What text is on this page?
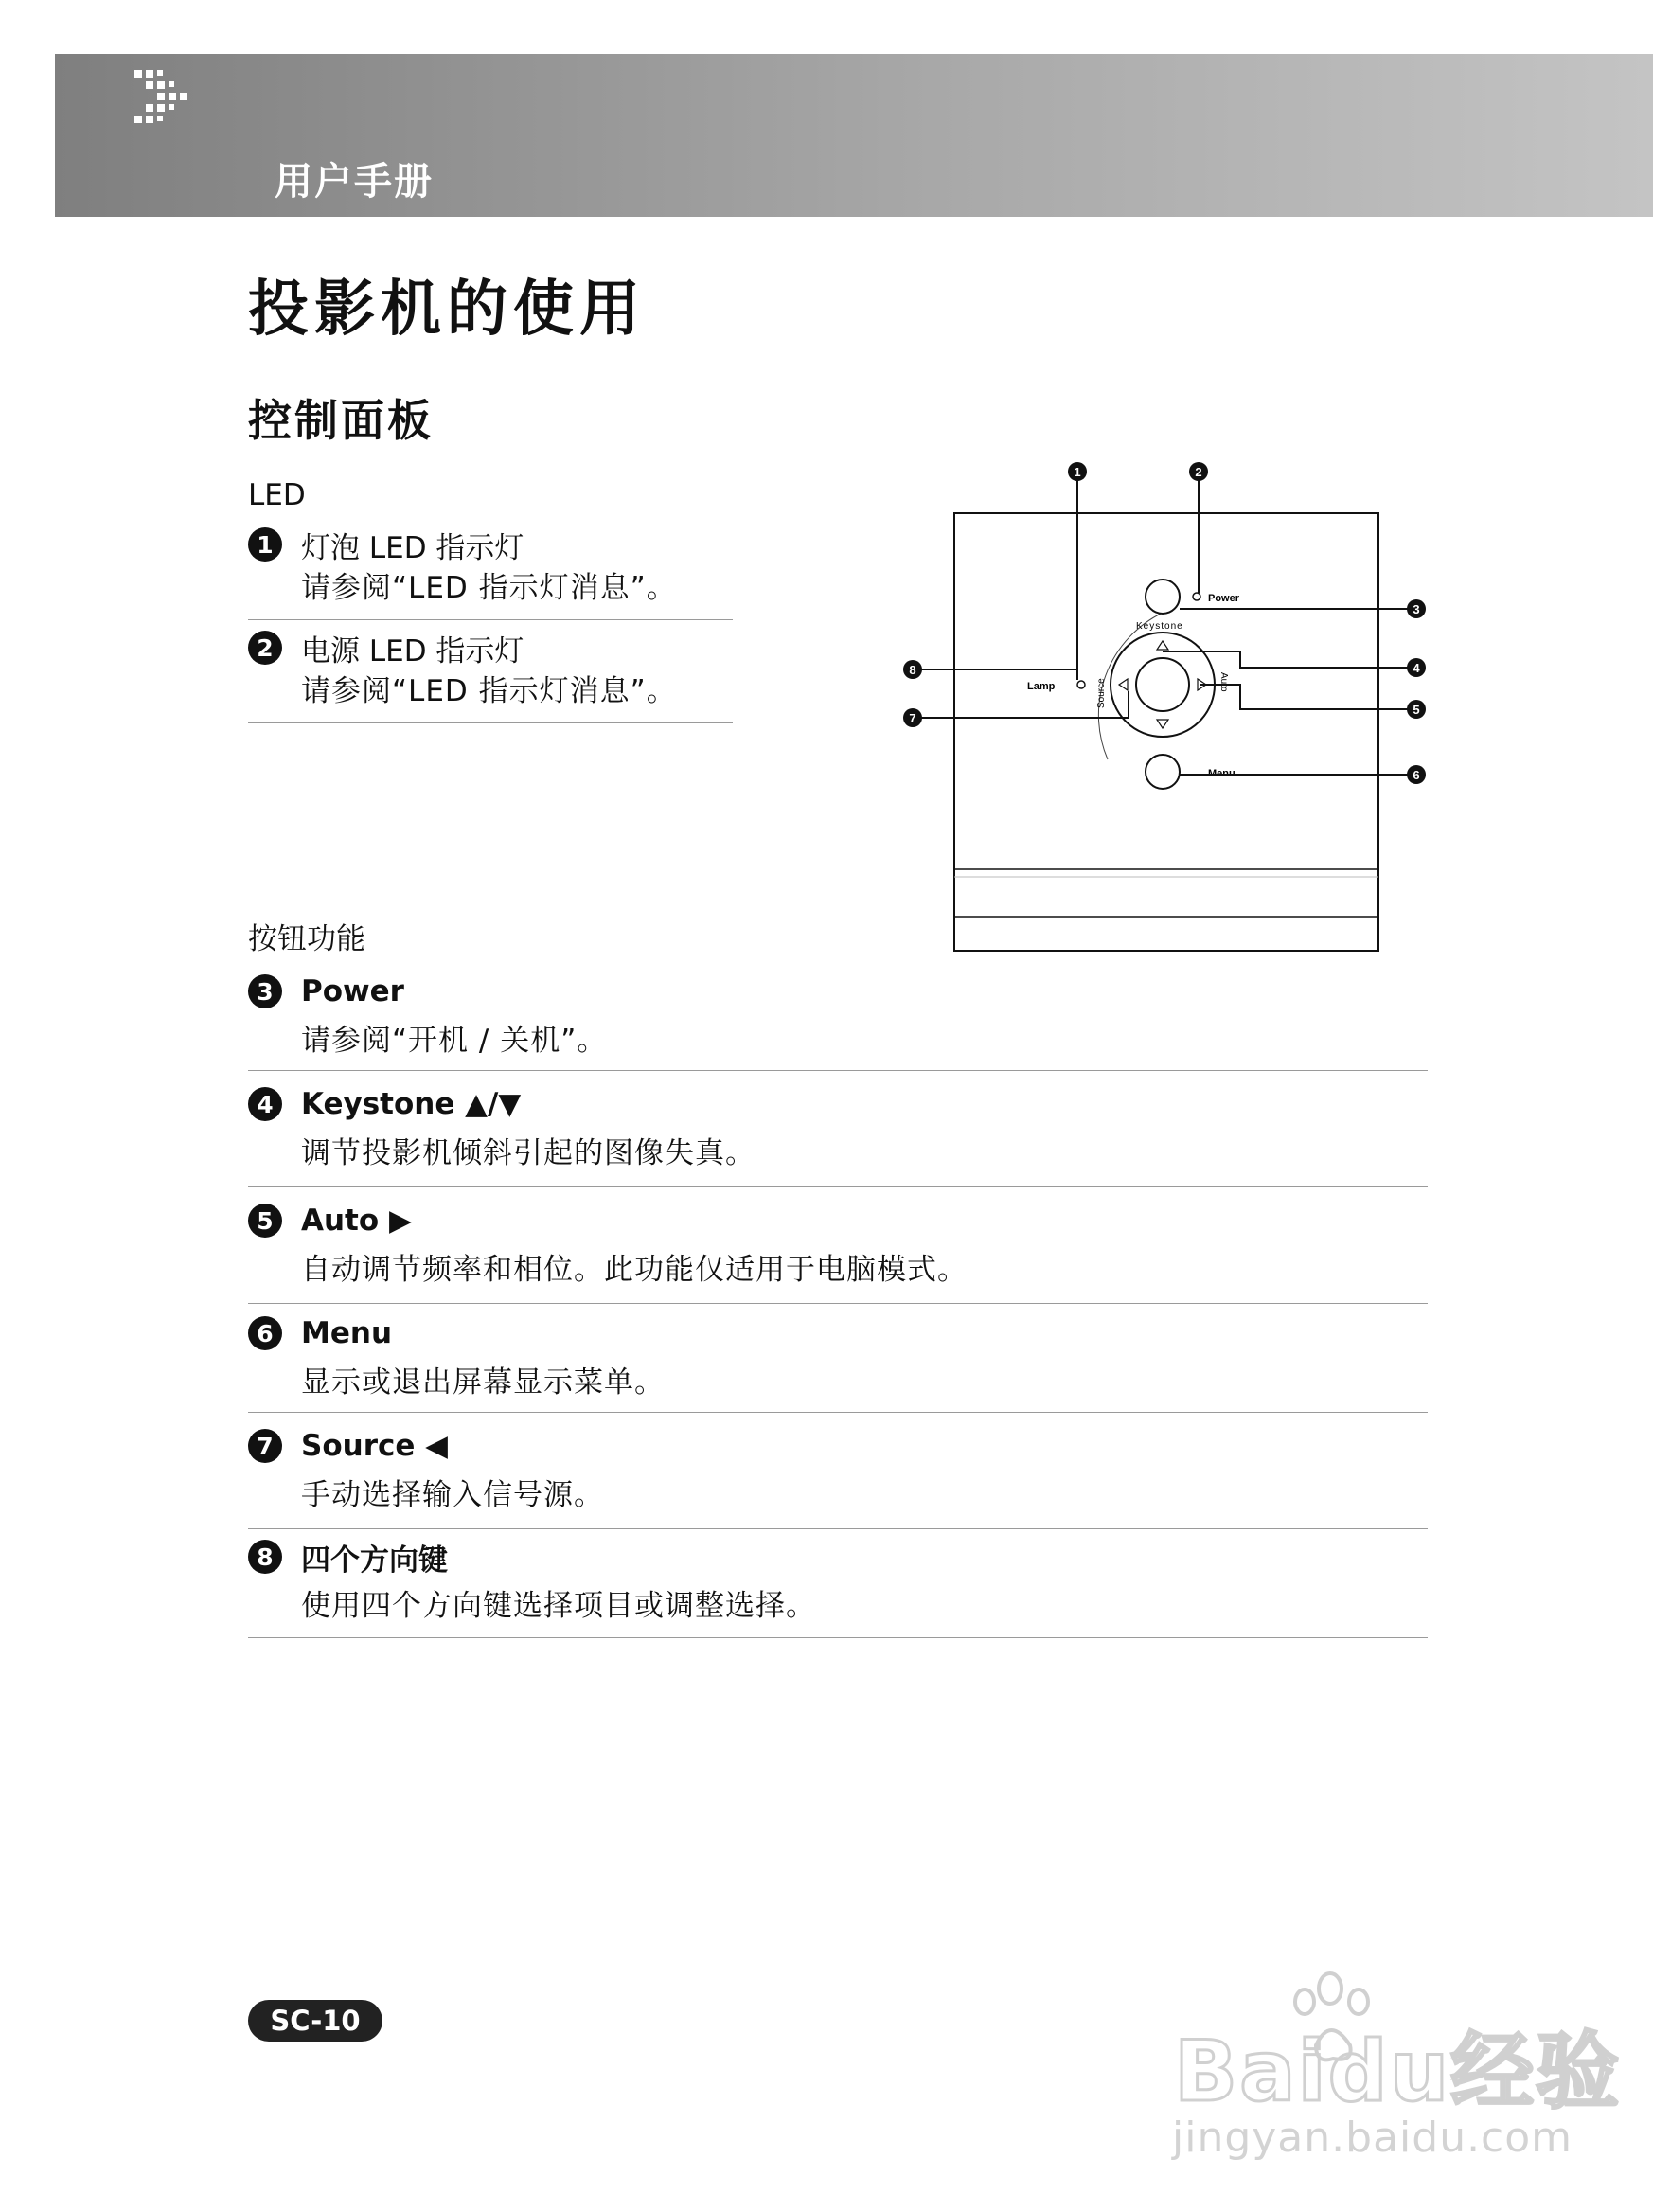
用户手册
投影机的使用
控制面板
LED
1 灯泡 LED 指示灯
请参阅“LED 指示灯消息”。
2 电源 LED 指示灯
请参阅“LED 指示灯消息”。
Power
Keystone
Lamp	Source	Auto
Menu
1	2
3
4
5
6
7
8
按钮功能
3 Power
请参阅“开机 / 关机”。
4 Keystone ▲/▼
调节投影机倾斜引起的图像失真。
5 Auto ▶
自动调节频率和相位。此功能仅适用于电脑模式。
6 Menu
显示或退出屏幕显示菜单。
7 Source ◀
手动选择输入信号源。
8 四个方向键
使用四个方向键选择项目或调整选择。
SC-10
Baidu经验
jingyan.baidu.com
